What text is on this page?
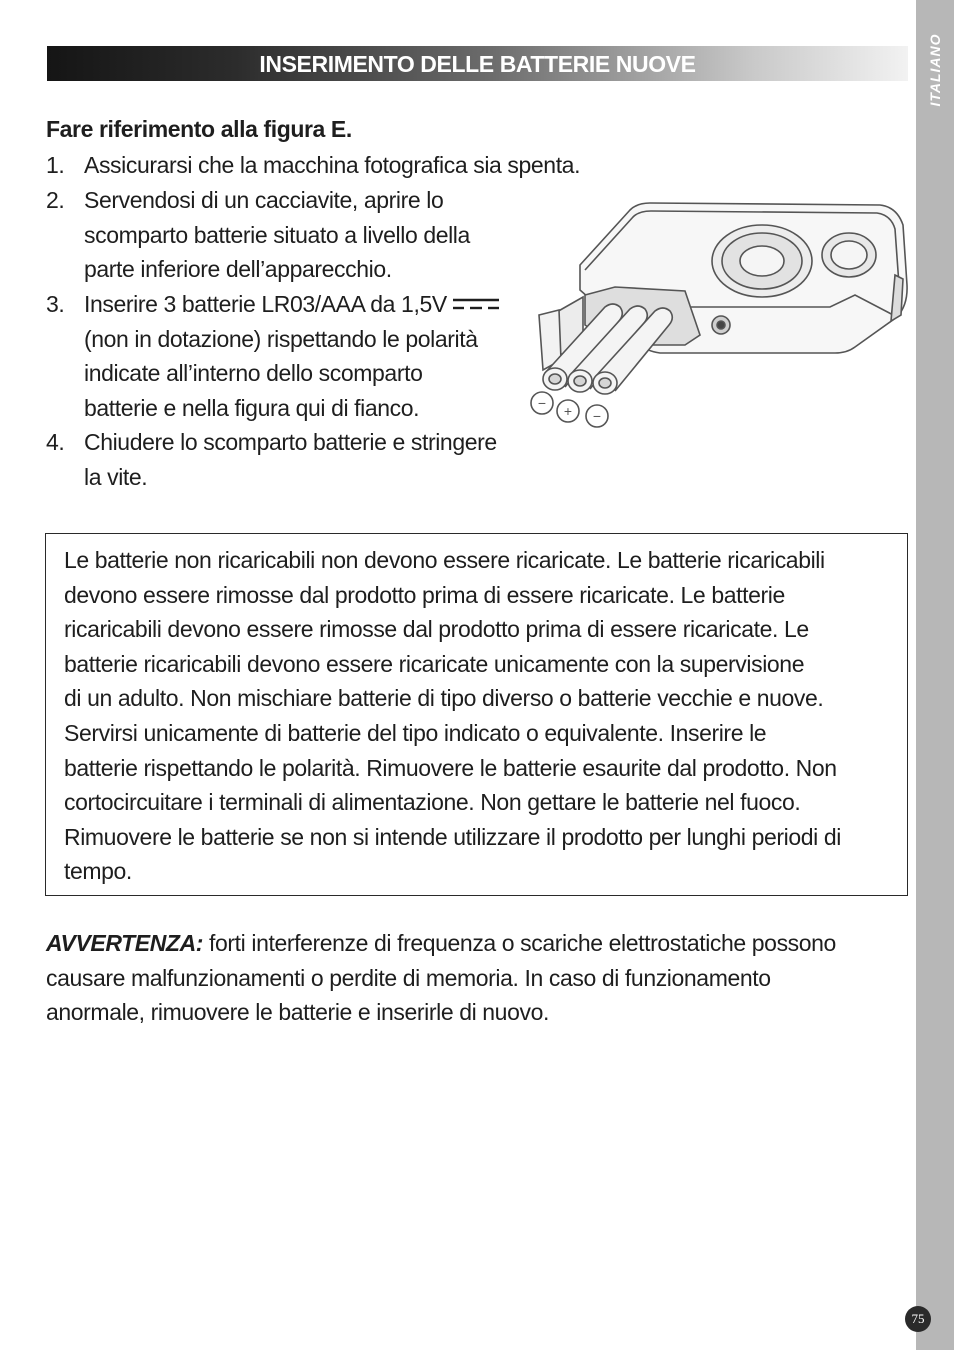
ITALIANO
75
INSERIMENTO DELLE BATTERIE NUOVE
Fare riferimento alla figura E.
1. Assicurarsi che la macchina fotografica sia spenta.
2. Servendosi di un cacciavite, aprire lo
scomparto batterie situato a livello della
parte inferiore dell’apparecchio.
3. Inserire 3 batterie LR03/AAA da 1,5V
(non in dotazione) rispettando le polarità
indicate all’interno dello scomparto
batterie e nella figura qui di fianco.
4. Chiudere lo scomparto batterie e stringere
la vite.
− + −
Le batterie non ricaricabili non devono essere ricaricate. Le batterie ricaricabili
devono essere rimosse dal prodotto prima di essere ricaricate. Le batterie
ricaricabili devono essere rimosse dal prodotto prima di essere ricaricate. Le
batterie ricaricabili devono essere ricaricate unicamente con la supervisione
di un adulto. Non mischiare batterie di tipo diverso o batterie vecchie e nuove.
Servirsi unicamente di batterie del tipo indicato o equivalente. Inserire le
batterie rispettando le polarità. Rimuovere le batterie esaurite dal prodotto. Non
cortocircuitare i terminali di alimentazione. Non gettare le batterie nel fuoco.
Rimuovere le batterie se non si intende utilizzare il prodotto per lunghi periodi di
tempo.
AVVERTENZA: forti interferenze di frequenza o scariche elettrostatiche possono
causare malfunzionamenti o perdite di memoria. In caso di funzionamento
anormale, rimuovere le batterie e inserirle di nuovo.
